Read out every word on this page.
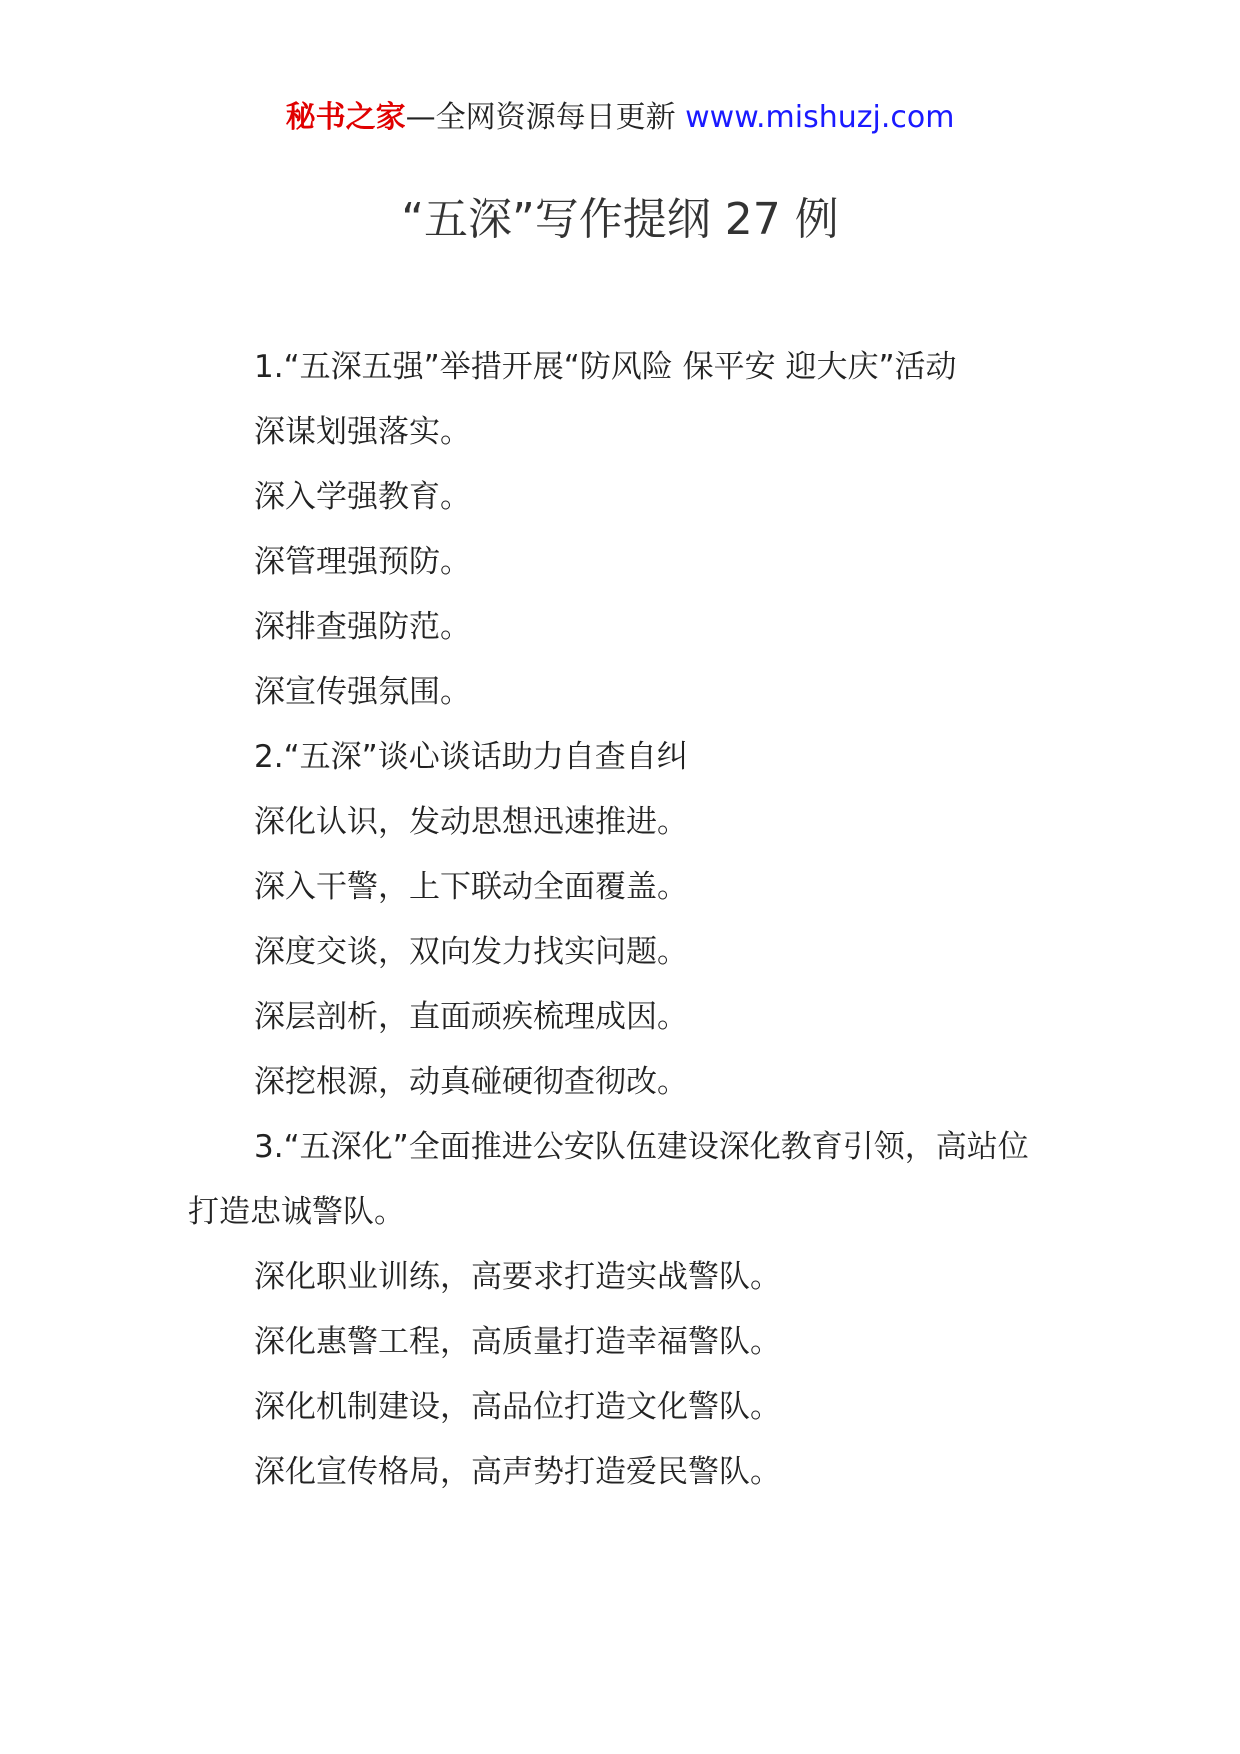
秘书之家—全网资源每日更新 www.mishuzj.com
“五深”写作提纲 27 例

1.“五深五强”举措开展“防风险 保平安 迎大庆”活动

深谋划强落实。

深入学强教育。

深管理强预防。

深排查强防范。

深宣传强氛围。

2.“五深”谈心谈话助力自查自纠

深化认识，发动思想迅速推进。

深入干警，上下联动全面覆盖。

深度交谈，双向发力找实问题。

深层剖析，直面顽疾梳理成因。

深挖根源，动真碰硬彻查彻改。

3.“五深化”全面推进公安队伍建设深化教育引领，高站位打造忠诚警队。

深化职业训练，高要求打造实战警队。

深化惠警工程，高质量打造幸福警队。

深化机制建设，高品位打造文化警队。

深化宣传格局，高声势打造爱民警队。
